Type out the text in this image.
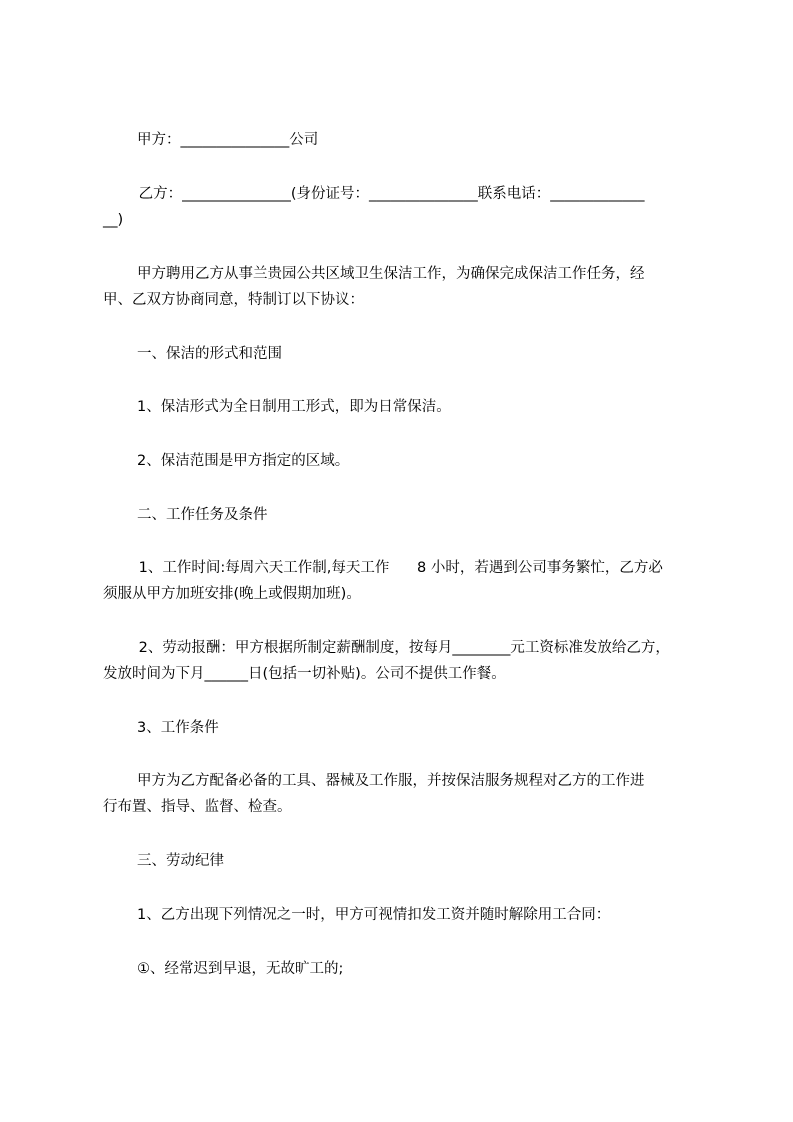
甲方：_______________公司
乙方：_______________(身份证号：_______________联系电话：_____________
__)
甲方聘用乙方从事兰贵园公共区域卫生保洁工作，为确保完成保洁工作任务，经
甲、乙双方协商同意，特制订以下协议：
一、保洁的形式和范围
1、保洁形式为全日制用工形式，即为日常保洁。
2、保洁范围是甲方指定的区域。
二、工作任务及条件
1、工作时间:每周六天工作制,每天工作      8 小时，若遇到公司事务繁忙，乙方必
须服从甲方加班安排(晚上或假期加班)。
2、劳动报酬：甲方根据所制定薪酬制度，按每月________元工资标准发放给乙方，
发放时间为下月______日(包括一切补贴)。公司不提供工作餐。
3、工作条件
甲方为乙方配备必备的工具、器械及工作服，并按保洁服务规程对乙方的工作进
行布置、指导、监督、检查。
三、劳动纪律
1、乙方出现下列情况之一时，甲方可视情扣发工资并随时解除用工合同：
①、经常迟到早退，无故旷工的;
